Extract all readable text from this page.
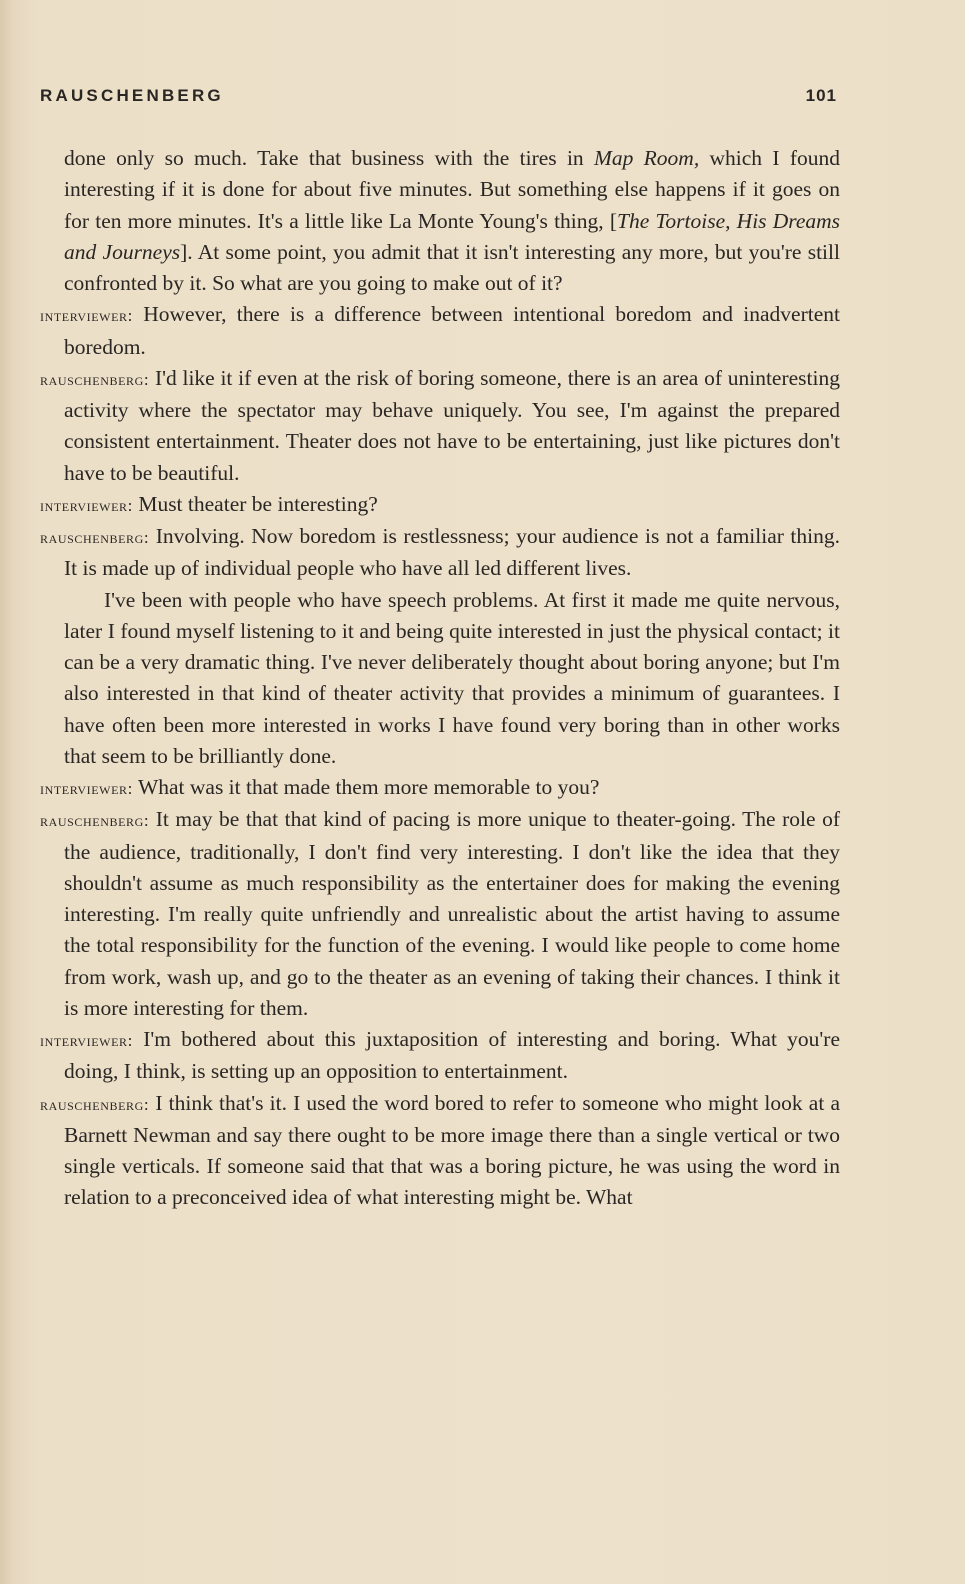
RAUSCHENBERG	101

done only so much. Take that business with the tires in Map Room, which I found interesting if it is done for about five minutes. But something else happens if it goes on for ten more minutes. It's a little like La Monte Young's thing, [The Tortoise, His Dreams and Journeys]. At some point, you admit that it isn't interesting any more, but you're still confronted by it. So what are you going to make out of it?

interviewer: However, there is a difference between intentional boredom and inadvertent boredom.

rauschenberg: I'd like it if even at the risk of boring someone, there is an area of uninteresting activity where the spectator may behave uniquely. You see, I'm against the prepared consistent entertainment. Theater does not have to be entertaining, just like pictures don't have to be beautiful.

interviewer: Must theater be interesting?

rauschenberg: Involving. Now boredom is restlessness; your audience is not a familiar thing. It is made up of individual people who have all led different lives.

I've been with people who have speech problems. At first it made me quite nervous, later I found myself listening to it and being quite interested in just the physical contact; it can be a very dramatic thing. I've never deliberately thought about boring anyone; but I'm also interested in that kind of theater activity that provides a minimum of guarantees. I have often been more interested in works I have found very boring than in other works that seem to be brilliantly done.

interviewer: What was it that made them more memorable to you?

rauschenberg: It may be that that kind of pacing is more unique to theater-going. The role of the audience, traditionally, I don't find very interesting. I don't like the idea that they shouldn't assume as much responsibility as the entertainer does for making the evening interesting. I'm really quite unfriendly and unrealistic about the artist having to assume the total responsibility for the function of the evening. I would like people to come home from work, wash up, and go to the theater as an evening of taking their chances. I think it is more interesting for them.

interviewer: I'm bothered about this juxtaposition of interesting and boring. What you're doing, I think, is setting up an opposition to entertainment.

rauschenberg: I think that's it. I used the word bored to refer to someone who might look at a Barnett Newman and say there ought to be more image there than a single vertical or two single verticals. If someone said that that was a boring picture, he was using the word in relation to a preconceived idea of what interesting might be. What
